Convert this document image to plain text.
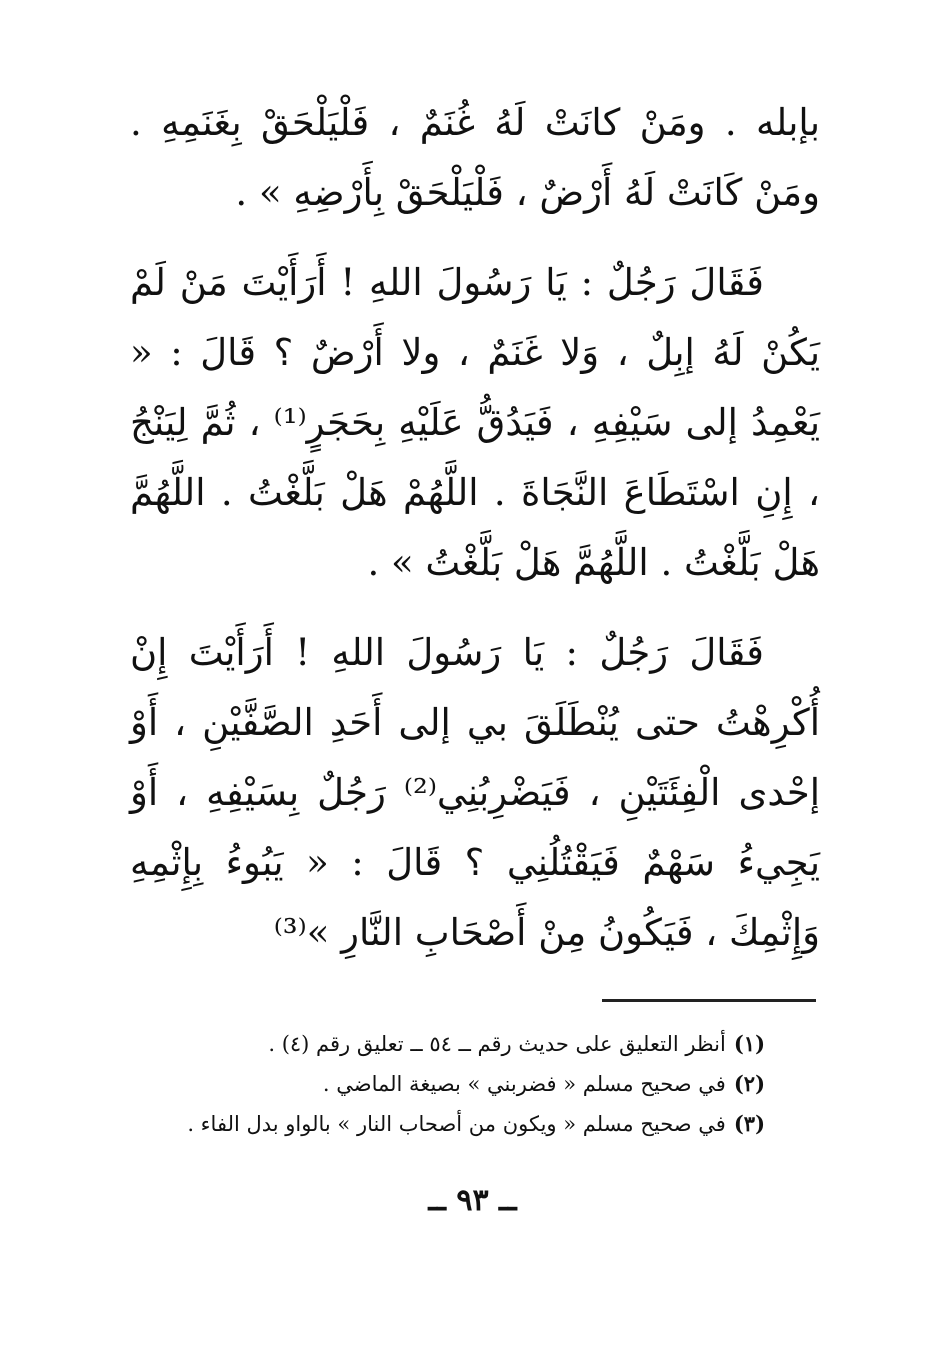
بإبله . ومَنْ كانَتْ لَهُ غُنَمٌ ، فَلْيَلْحَقْ بِغَنَمِهِ . ومَنْ كَانَتْ لَهُ أَرْضٌ ، فَلْيَلْحَقْ بِأَرْضِهِ » .

فَقَالَ رَجُلٌ : يَا رَسُولَ اللهِ ! أَرَأَيْتَ مَنْ لَمْ يَكُنْ لَهُ إبِلٌ ، وَلا غَنَمٌ ، ولا أَرْضٌ ؟ قَالَ : « يَعْمِدُ إلى سَيْفِهِ ، فَيَدُقُّ عَلَيْهِ بِحَجَرٍ⁽¹⁾ ، ثُمَّ لِيَنْجُ ، إِنِ اسْتَطَاعَ النَّجَاةَ . اللَّهُمْ هَلْ بَلَّغْتُ . اللَّهُمَّ هَلْ بَلَّغْتُ . اللَّهُمَّ هَلْ بَلَّغْتُ » .

فَقَالَ رَجُلٌ : يَا رَسُولَ اللهِ ! أَرَأَيْتَ إِنْ أُكْرِهْتُ حتى يُنْطَلَقَ بي إلى أَحَدِ الصَّفَّيْنِ ، أَوْ إحْدى الْفِئَتَيْنِ ، فَيَضْرِبُنِي⁽²⁾ رَجُلٌ بِسَيْفِهِ ، أَوْ يَجِيءُ سَهْمٌ فَيَقْتُلُنِي ؟ قَالَ : « يَبُوءُ بِإِثْمِهِ وَإِثْمِكَ ، فَيَكُونُ مِنْ أَصْحَابِ النَّارِ »⁽³⁾

(١)أنظر التعليق على حديث رقم ــ ٥٤ ــ تعليق رقم (٤) .
(٢)في صحيح مسلم « فضربني » بصيغة الماضي .
(٣)في صحيح مسلم « ويكون من أصحاب النار » بالواو بدل الفاء .
ــ ٩٣ ــ
